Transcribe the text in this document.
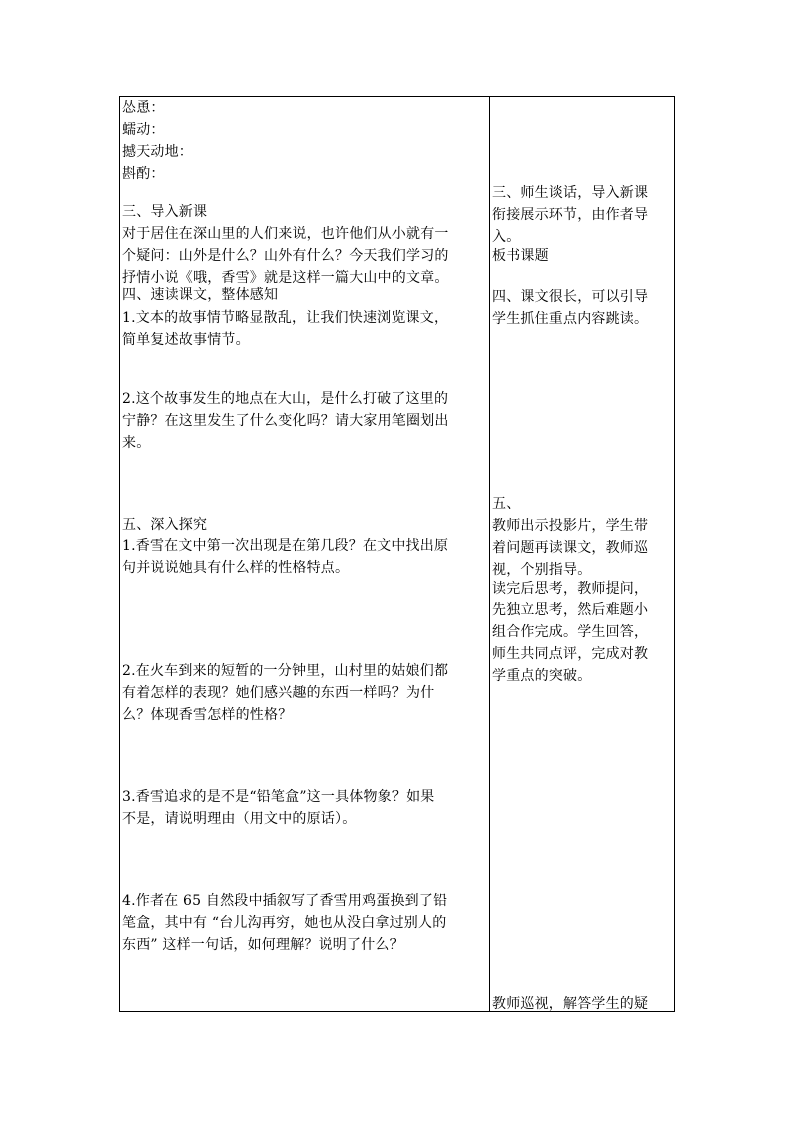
怂恿：
蠕动：
撼天动地：
斟酌：
三、导入新课
对于居住在深山里的人们来说，也许他们从小就有一
个疑问：山外是什么？山外有什么？今天我们学习的
抒情小说《哦，香雪》就是这样一篇大山中的文章。
四、速读课文，整体感知
1.文本的故事情节略显散乱，让我们快速浏览课文，
简单复述故事情节。
2.这个故事发生的地点在大山，是什么打破了这里的
宁静？在这里发生了什么变化吗？请大家用笔圈划出
来。
五、深入探究
1.香雪在文中第一次出现是在第几段？在文中找出原
句并说说她具有什么样的性格特点。
2.在火车到来的短暂的一分钟里，山村里的姑娘们都
有着怎样的表现？她们感兴趣的东西一样吗？为什
么？体现香雪怎样的性格？
3.香雪追求的是不是“铅笔盒”这一具体物象？如果
不是，请说明理由（用文中的原话）。
4.作者在 65 自然段中插叙写了香雪用鸡蛋换到了铅
笔盒，其中有 “台儿沟再穷，她也从没白拿过别人的
东西” 这样一句话，如何理解？说明了什么？
三、师生谈话，导入新课
衔接展示环节，由作者导
入。
板书课题
四、课文很长，可以引导
学生抓住重点内容跳读。
五、
教师出示投影片，学生带
着问题再读课文，教师巡
视，个别指导。
读完后思考，教师提问，
先独立思考，然后难题小
组合作完成。学生回答，
师生共同点评，完成对教
学重点的突破。
教师巡视，解答学生的疑
